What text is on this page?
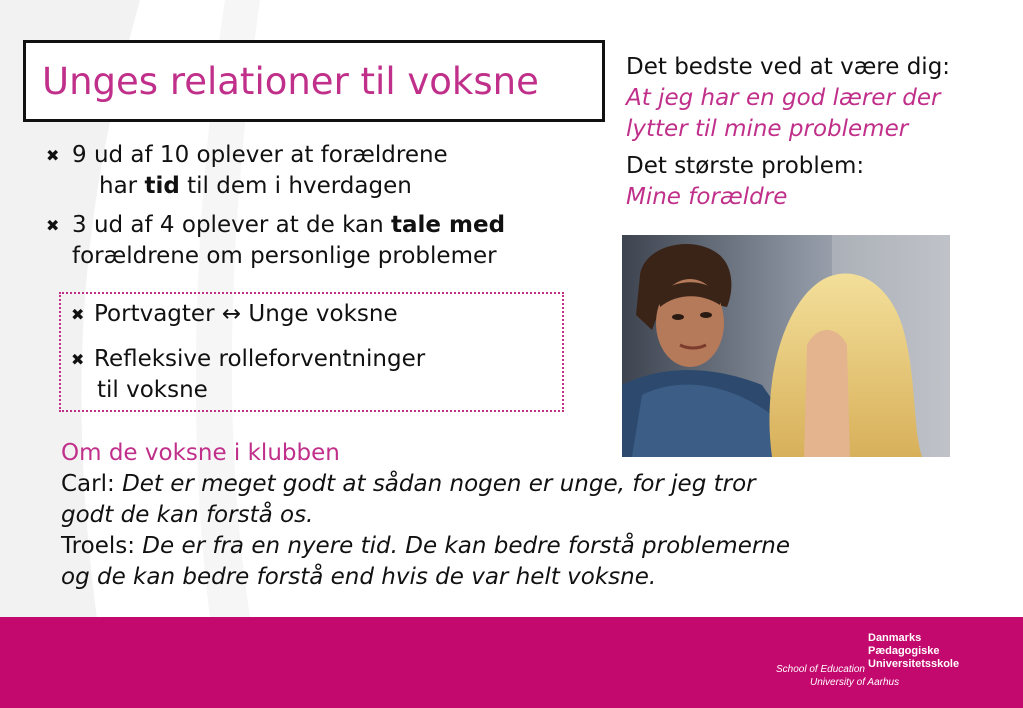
Unges relationer til voksne
✖ 9 ud af 10 oplever at forældrene
har tid til dem i hverdagen
✖ 3 ud af 4 oplever at de kan tale med
forældrene om personlige problemer
✖ Portvagter ↔ Unge voksne
✖ Refleksive rolleforventninger
til voksne
Det bedste ved at være dig:
At jeg har en god lærer der
lytter til mine problemer
Det største problem:
Mine forældre
Om de voksne i klubben
Carl: Det er meget godt at sådan nogen er unge, for jeg tror
godt de kan forstå os.
Troels: De er fra en nyere tid. De kan bedre forstå problemerne
og de kan bedre forstå end hvis de var helt voksne.
Danmarks
Pædagogiske
Universitetsskole
School of Education
University of Aarhus
